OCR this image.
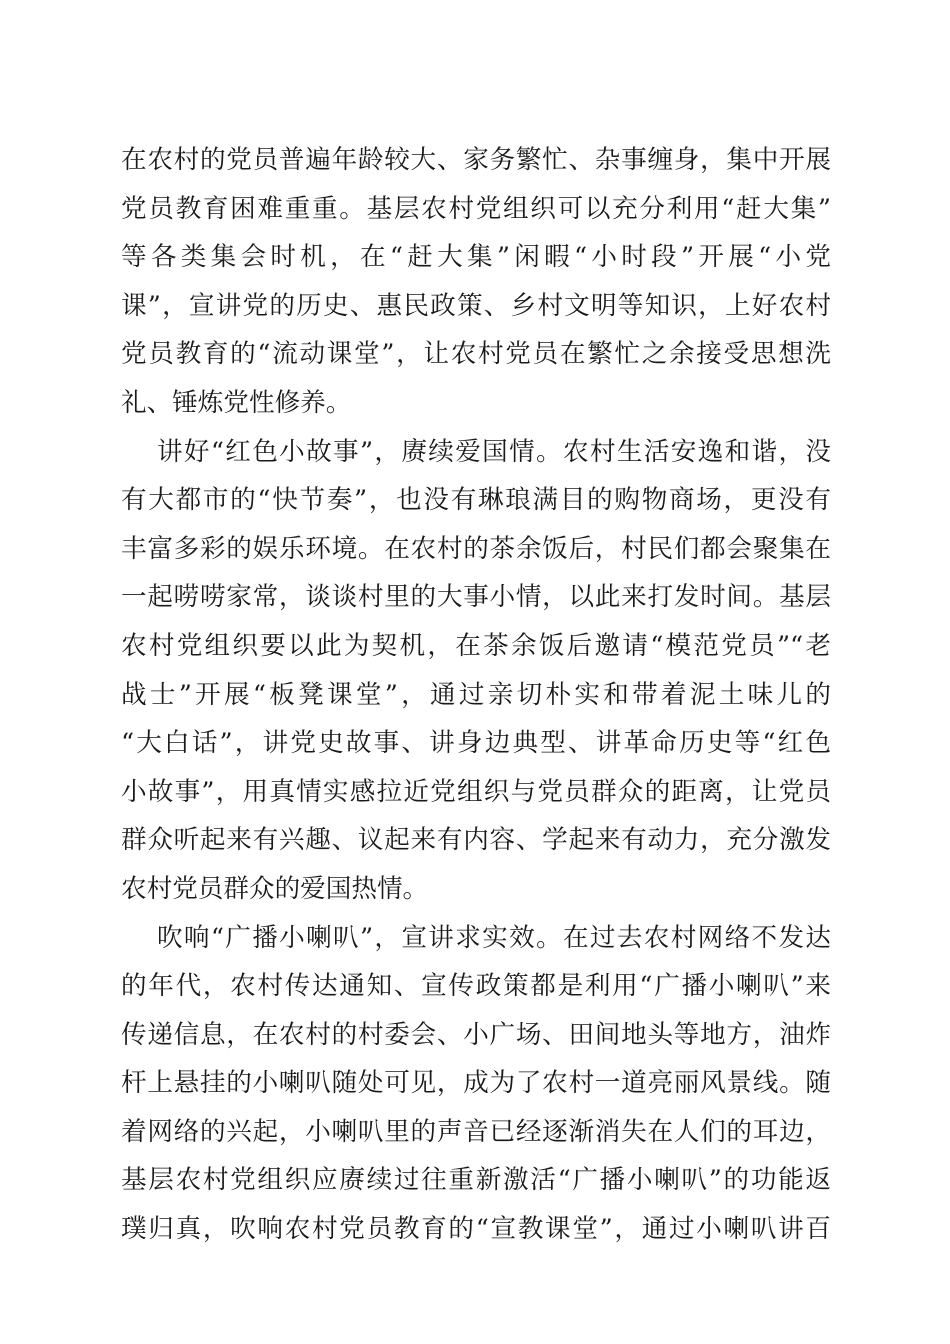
在农村的党员普遍年龄较大、家务繁忙、杂事缠身，集中开展
党员教育困难重重。基层农村党组织可以充分利用“赶大集”
等各类集会时机，在“赶大集”闲暇“小时段”开展“小党
课”，宣讲党的历史、惠民政策、乡村文明等知识，上好农村
党员教育的“流动课堂”，让农村党员在繁忙之余接受思想洗
礼、锤炼党性修养。
讲好“红色小故事”，赓续爱国情。农村生活安逸和谐，没
有大都市的“快节奏”，也没有琳琅满目的购物商场，更没有
丰富多彩的娱乐环境。在农村的茶余饭后，村民们都会聚集在
一起唠唠家常，谈谈村里的大事小情，以此来打发时间。基层
农村党组织要以此为契机，在茶余饭后邀请“模范党员”“老
战士”开展“板凳课堂”，通过亲切朴实和带着泥土味儿的
“大白话”，讲党史故事、讲身边典型、讲革命历史等“红色
小故事”，用真情实感拉近党组织与党员群众的距离，让党员
群众听起来有兴趣、议起来有内容、学起来有动力，充分激发
农村党员群众的爱国热情。
吹响“广播小喇叭”，宣讲求实效。在过去农村网络不发达
的年代，农村传达通知、宣传政策都是利用“广播小喇叭”来
传递信息，在农村的村委会、小广场、田间地头等地方，油炸
杆上悬挂的小喇叭随处可见，成为了农村一道亮丽风景线。随
着网络的兴起，小喇叭里的声音已经逐渐消失在人们的耳边，
基层农村党组织应赓续过往重新激活“广播小喇叭”的功能返
璞归真，吹响农村党员教育的“宣教课堂”，通过小喇叭讲百
